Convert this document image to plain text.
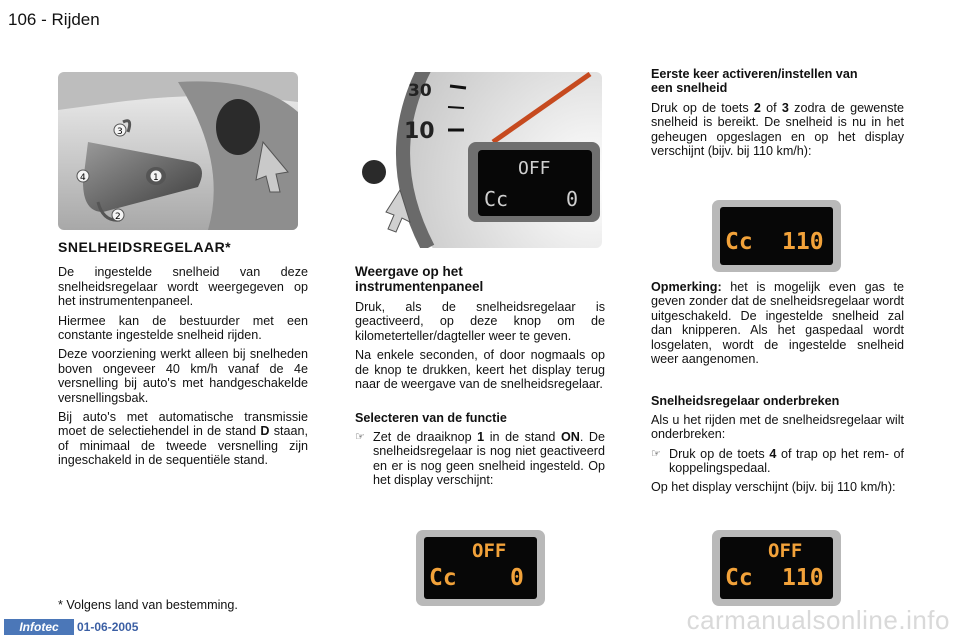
106 - Rijden
3
4	1
2
30
10
OFF
Cc	0
SNELHEIDSREGELAAR*

De ingestelde snelheid van deze snelheidsregelaar wordt weergegeven op het instrumentenpaneel.

Hiermee kan de bestuurder met een constante ingestelde snelheid rijden.

Deze voorziening werkt alleen bij snelheden boven ongeveer 40 km/h vanaf de 4e versnelling bij auto's met handgeschakelde versnellingsbak.

Bij auto's met automatische transmissie moet de selectiehendel in de stand D staan, of minimaal de tweede versnelling zijn ingeschakeld in de sequentiële stand.

* Volgens land van bestemming.
Weergave op het instrumentenpaneel

Druk, als de snelheidsregelaar is geactiveerd, op deze knop om de kilometerteller/dagteller weer te geven.

Na enkele seconden, of door nogmaals op de knop te drukken, keert het display terug naar de weergave van de snelheidsregelaar.

Selecteren van de functie
☞ Zet de draaiknop 1 in de stand ON. De snelheidsregelaar is nog niet geactiveerd en er is nog geen snelheid ingesteld. Op het display verschijnt:
OFF
Cc 0
Eerste keer activeren/instellen van een snelheid

Druk op de toets 2 of 3 zodra de gewenste snelheid is bereikt. De snelheid is nu in het geheugen opgeslagen en op het display verschijnt (bijv. bij 110 km/h):

Cc 110

Opmerking: het is mogelijk even gas te geven zonder dat de snelheidsregelaar wordt uitgeschakeld. De ingestelde snelheid zal dan knipperen. Als het gaspedaal wordt losgelaten, wordt de ingestelde snelheid weer aangenomen.

Snelheidsregelaar onderbreken

Als u het rijden met de snelheidsregelaar wilt onderbreken:

☞ Druk op de toets 4 of trap op het rem- of koppelingspedaal.

Op het display verschijnt (bijv. bij 110 km/h):

OFF
Cc 110
Infotec	01-06-2005	carmanualsonline.info
